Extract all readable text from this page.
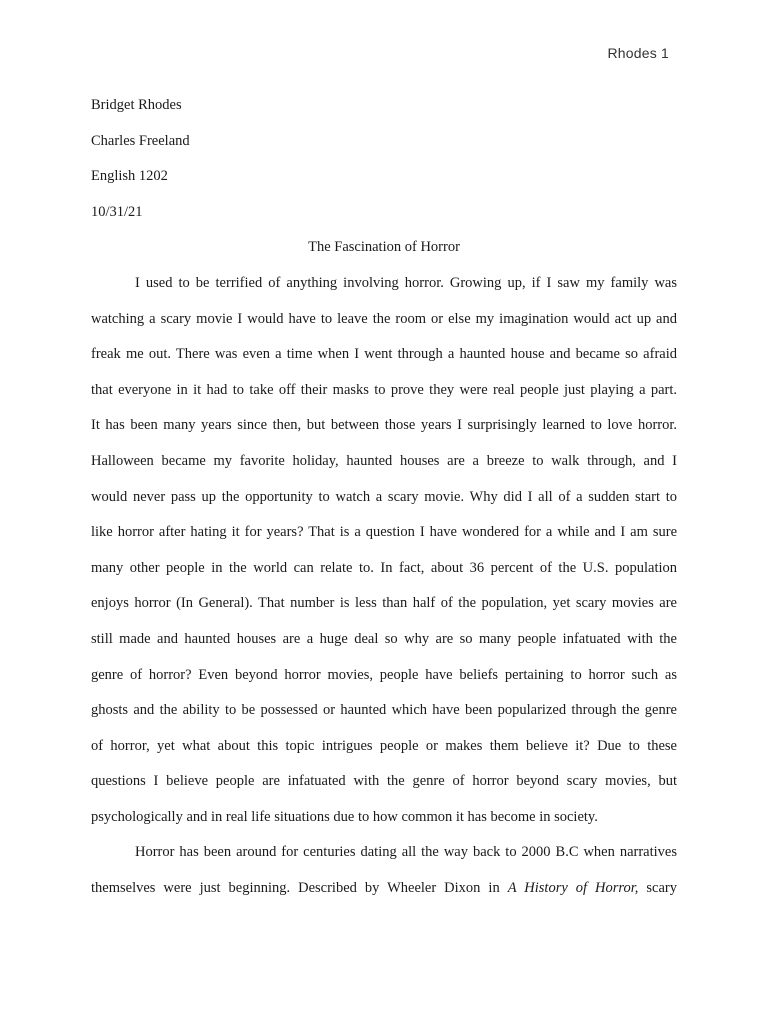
Rhodes 1
Bridget Rhodes
Charles Freeland
English 1202
10/31/21
The Fascination of Horror
I used to be terrified of anything involving horror. Growing up, if I saw my family was
watching a scary movie I would have to leave the room or else my imagination would act up and
freak me out. There was even a time when I went through a haunted house and became so afraid
that everyone in it had to take off their masks to prove they were real people just playing a part.
It has been many years since then, but between those years I surprisingly learned to love horror.
Halloween became my favorite holiday, haunted houses are a breeze to walk through, and I
would never pass up the opportunity to watch a scary movie. Why did I all of a sudden start to
like horror after hating it for years? That is a question I have wondered for a while and I am sure
many other people in the world can relate to. In fact, about 36 percent of the U.S. population
enjoys horror (In General). That number is less than half of the population, yet scary movies are
still made and haunted houses are a huge deal so why are so many people infatuated with the
genre of horror? Even beyond horror movies, people have beliefs pertaining to horror such as
ghosts and the ability to be possessed or haunted which have been popularized through the genre
of horror, yet what about this topic intrigues people or makes them believe it? Due to these
questions I believe people are infatuated with the genre of horror beyond scary movies, but
psychologically and in real life situations due to how common it has become in society.
Horror has been around for centuries dating all the way back to 2000 B.C when narratives
themselves were just beginning. Described by Wheeler Dixon in A History of Horror, scary
